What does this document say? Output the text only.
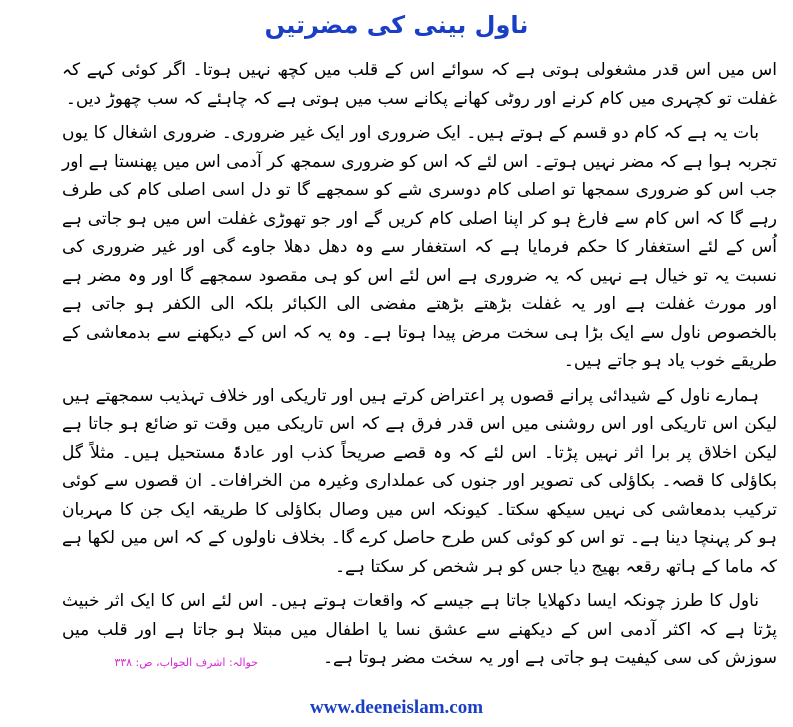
ناول بینی کی مضرتیں

اس میں اس قدر مشغولی ہوتی ہے کہ سوائے اس کے قلب میں کچھ نہیں ہوتا۔ اگر کوئی کہے کہ غفلت تو کچہری میں کام کرنے اور روٹی کھانے پکانے سب میں ہوتی ہے کہ چاہئے کہ سب چھوڑ دیں۔

بات یہ ہے کہ کام دو قسم کے ہوتے ہیں۔ ایک ضروری اور ایک غیر ضروری۔ ضروری اشغال کا یوں تجربہ ہوا ہے کہ مضر نہیں ہوتے۔ اس لئے کہ اس کو ضروری سمجھ کر آدمی اس میں پھنستا ہے اور جب اس کو ضروری سمجھا تو اصلی کام دوسری شے کو سمجھے گا تو دل اسی اصلی کام کی طرف رہے گا کہ اس کام سے فارغ ہو کر اپنا اصلی کام کریں گے اور جو تھوڑی غفلت اس میں ہو جاتی ہے اُس کے لئے استغفار کا حکم فرمایا ہے کہ استغفار سے وہ دھل دھلا جاوے گی اور غیر ضروری کی نسبت یہ تو خیال ہے نہیں کہ یہ ضروری ہے اس لئے اس کو ہی مقصود سمجھے گا اور وہ مضر ہے اور مورث غفلت ہے اور یہ غفلت بڑھتے بڑھتے مفضی الی الکبائر بلکہ الی الکفر ہو جاتی ہے بالخصوص ناول سے ایک بڑا ہی سخت مرض پیدا ہوتا ہے۔ وہ یہ کہ اس کے دیکھنے سے بدمعاشی کے طریقے خوب یاد ہو جاتے ہیں۔

ہمارے ناول کے شیدائی پرانے قصوں پر اعتراض کرتے ہیں اور تاریکی اور خلاف تہذیب سمجھتے ہیں لیکن اس تاریکی اور اس روشنی میں اس قدر فرق ہے کہ اس تاریکی میں وقت تو ضائع ہو جاتا ہے لیکن اخلاق پر برا اثر نہیں پڑتا۔ اس لئے کہ وہ قصے صریحاً کذب اور عادۃً مستحیل ہیں۔ مثلاً گل بکاؤلی کا قصہ۔ بکاؤلی کی تصویر اور جنوں کی عملداری وغیرہ من الخرافات۔ ان قصوں سے کوئی ترکیب بدمعاشی کی نہیں سیکھ سکتا۔ کیونکہ اس میں وصال بکاؤلی کا طریقہ ایک جن کا مہربان ہو کر پہنچا دینا ہے۔ تو اس کو کوئی کس طرح حاصل کرے گا۔ بخلاف ناولوں کے کہ اس میں لکھا ہے کہ ماما کے ہاتھ رقعہ بھیج دیا جس کو ہر شخص کر سکتا ہے۔

ناول کا طرز چونکہ ایسا دکھلایا جاتا ہے جیسے کہ واقعات ہوتے ہیں۔ اس لئے اس کا ایک اثر خبیث پڑتا ہے کہ اکثر آدمی اس کے دیکھنے سے عشق نسا یا اطفال میں مبتلا ہو جاتا ہے اور قلب میں سوزش کی سی کیفیت ہو جاتی ہے اور یہ سخت مضر ہوتا ہے۔

حوالہ: اشرف الجواب، ص: ۳۳۸
www.deeneislam.com
